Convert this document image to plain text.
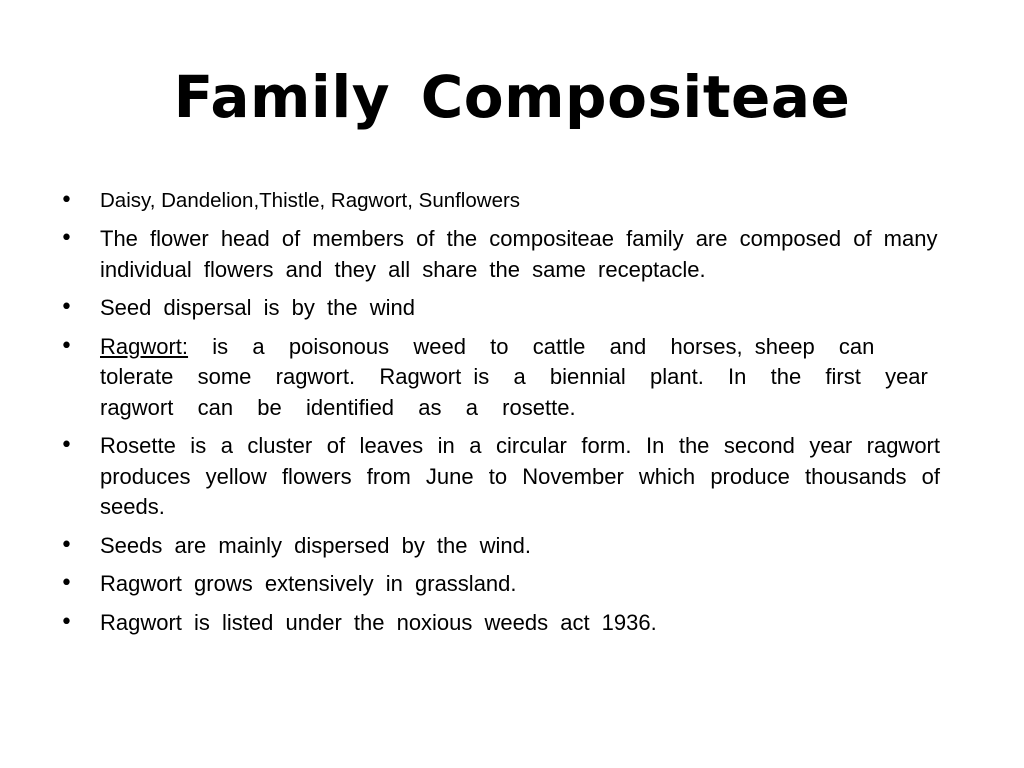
Family Compositeae
• Daisy, Dandelion,Thistle, Ragwort, Sunflowers
• The flower head of members of the compositeae family are composed of many individual flowers and they all share the same receptacle.
• Seed dispersal is by the wind
• Ragwort:  is  a  poisonous  weed  to  cattle  and  horses, sheep  can  tolerate  some  ragwort.  Ragwort is  a  biennial  plant.  In  the  first  year  ragwort  can  be  identified  as  a  rosette.
• Rosette is a cluster of leaves in a circular form. In the second year ragwort produces yellow flowers from June to November which produce thousands of seeds.
• Seeds are mainly dispersed by the wind.
• Ragwort grows extensively in grassland.
• Ragwort is listed under the noxious weeds act 1936.
